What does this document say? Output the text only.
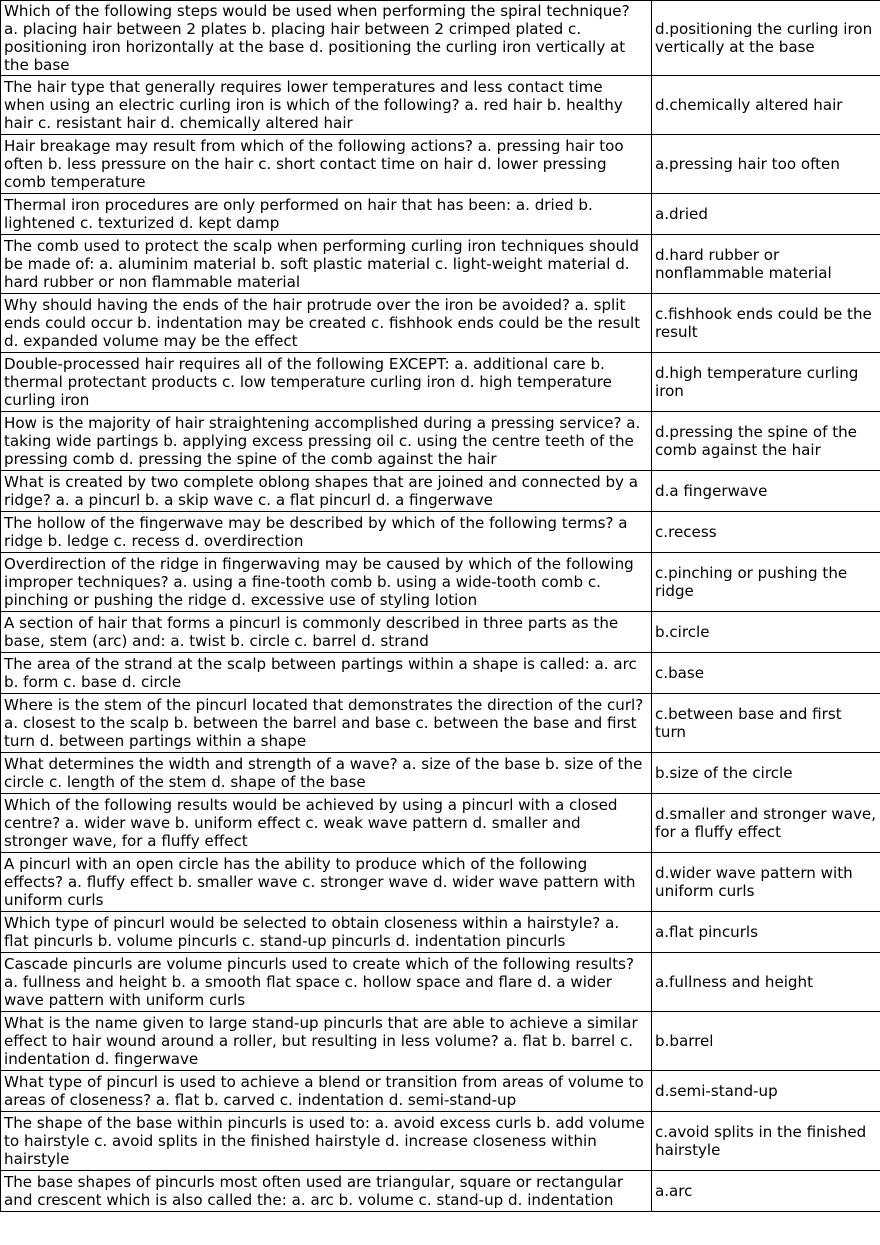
Which of the following steps would be used when performing the spiral technique? a. placing hair between 2 plates b. placing hair between 2 crimped plated c. positioning iron horizontally at the base d. positioning the curling iron vertically at the base	d.positioning the curling iron vertically at the base
The hair type that generally requires lower temperatures and less contact time when using an electric curling iron is which of the following? a. red hair b. healthy hair c. resistant hair d. chemically altered hair	d.chemically altered hair
Hair breakage may result from which of the following actions? a. pressing hair too often b. less pressure on the hair c. short contact time on hair d. lower pressing comb temperature	a.pressing hair too often
Thermal iron procedures are only performed on hair that has been: a. dried b. lightened c. texturized d. kept damp	a.dried
The comb used to protect the scalp when performing curling iron techniques should be made of: a. aluminim material b. soft plastic material c. light-weight material d. hard rubber or non flammable material	d.hard rubber or nonflammable material
Why should having the ends of the hair protrude over the iron be avoided? a. split ends could occur b. indentation may be created c. fishhook ends could be the result d. expanded volume may be the effect	c.fishhook ends could be the result
Double-processed hair requires all of the following EXCEPT: a. additional care b. thermal protectant products c. low temperature curling iron d. high temperature curling iron	d.high temperature curling iron
How is the majority of hair straightening accomplished during a pressing service? a. taking wide partings b. applying excess pressing oil c. using the centre teeth of the pressing comb d. pressing the spine of the comb against the hair	d.pressing the spine of the comb against the hair
What is created by two complete oblong shapes that are joined and connected by a ridge? a. a pincurl b. a skip wave c. a flat pincurl d. a fingerwave	d.a fingerwave
The hollow of the fingerwave may be described by which of the following terms? a ridge b. ledge c. recess d. overdirection	c.recess
Overdirection of the ridge in fingerwaving may be caused by which of the following improper techniques? a. using a fine-tooth comb b. using a wide-tooth comb c. pinching or pushing the ridge d. excessive use of styling lotion	c.pinching or pushing the ridge
A section of hair that forms a pincurl is commonly described in three parts as the base, stem (arc) and: a. twist b. circle c. barrel d. strand	b.circle
The area of the strand at the scalp between partings within a shape is called: a. arc b. form c. base d. circle	c.base
Where is the stem of the pincurl located that demonstrates the direction of the curl? a. closest to the scalp b. between the barrel and base c. between the base and first turn d. between partings within a shape	c.between base and first turn
What determines the width and strength of a wave? a. size of the base b. size of the circle c. length of the stem d. shape of the base	b.size of the circle
Which of the following results would be achieved by using a pincurl with a closed centre? a. wider wave b. uniform effect c. weak wave pattern d. smaller and stronger wave, for a fluffy effect	d.smaller and stronger wave, for a fluffy effect
A pincurl with an open circle has the ability to produce which of the following effects? a. fluffy effect b. smaller wave c. stronger wave d. wider wave pattern with uniform curls	d.wider wave pattern with uniform curls
Which type of pincurl would be selected to obtain closeness within a hairstyle? a. flat pincurls b. volume pincurls c. stand-up pincurls d. indentation pincurls	a.flat pincurls
Cascade pincurls are volume pincurls used to create which of the following results? a. fullness and height b. a smooth flat space c. hollow space and flare d. a wider wave pattern with uniform curls	a.fullness and height
What is the name given to large stand-up pincurls that are able to achieve a similar effect to hair wound around a roller, but resulting in less volume? a. flat b. barrel c. indentation d. fingerwave	b.barrel
What type of pincurl is used to achieve a blend or transition from areas of volume to areas of closeness? a. flat b. carved c. indentation d. semi-stand-up	d.semi-stand-up
The shape of the base within pincurls is used to: a. avoid excess curls b. add volume to hairstyle c. avoid splits in the finished hairstyle d. increase closeness within hairstyle	c.avoid splits in the finished hairstyle
The base shapes of pincurls most often used are triangular, square or rectangular and crescent which is also called the: a. arc b. volume c. stand-up d. indentation	a.arc
